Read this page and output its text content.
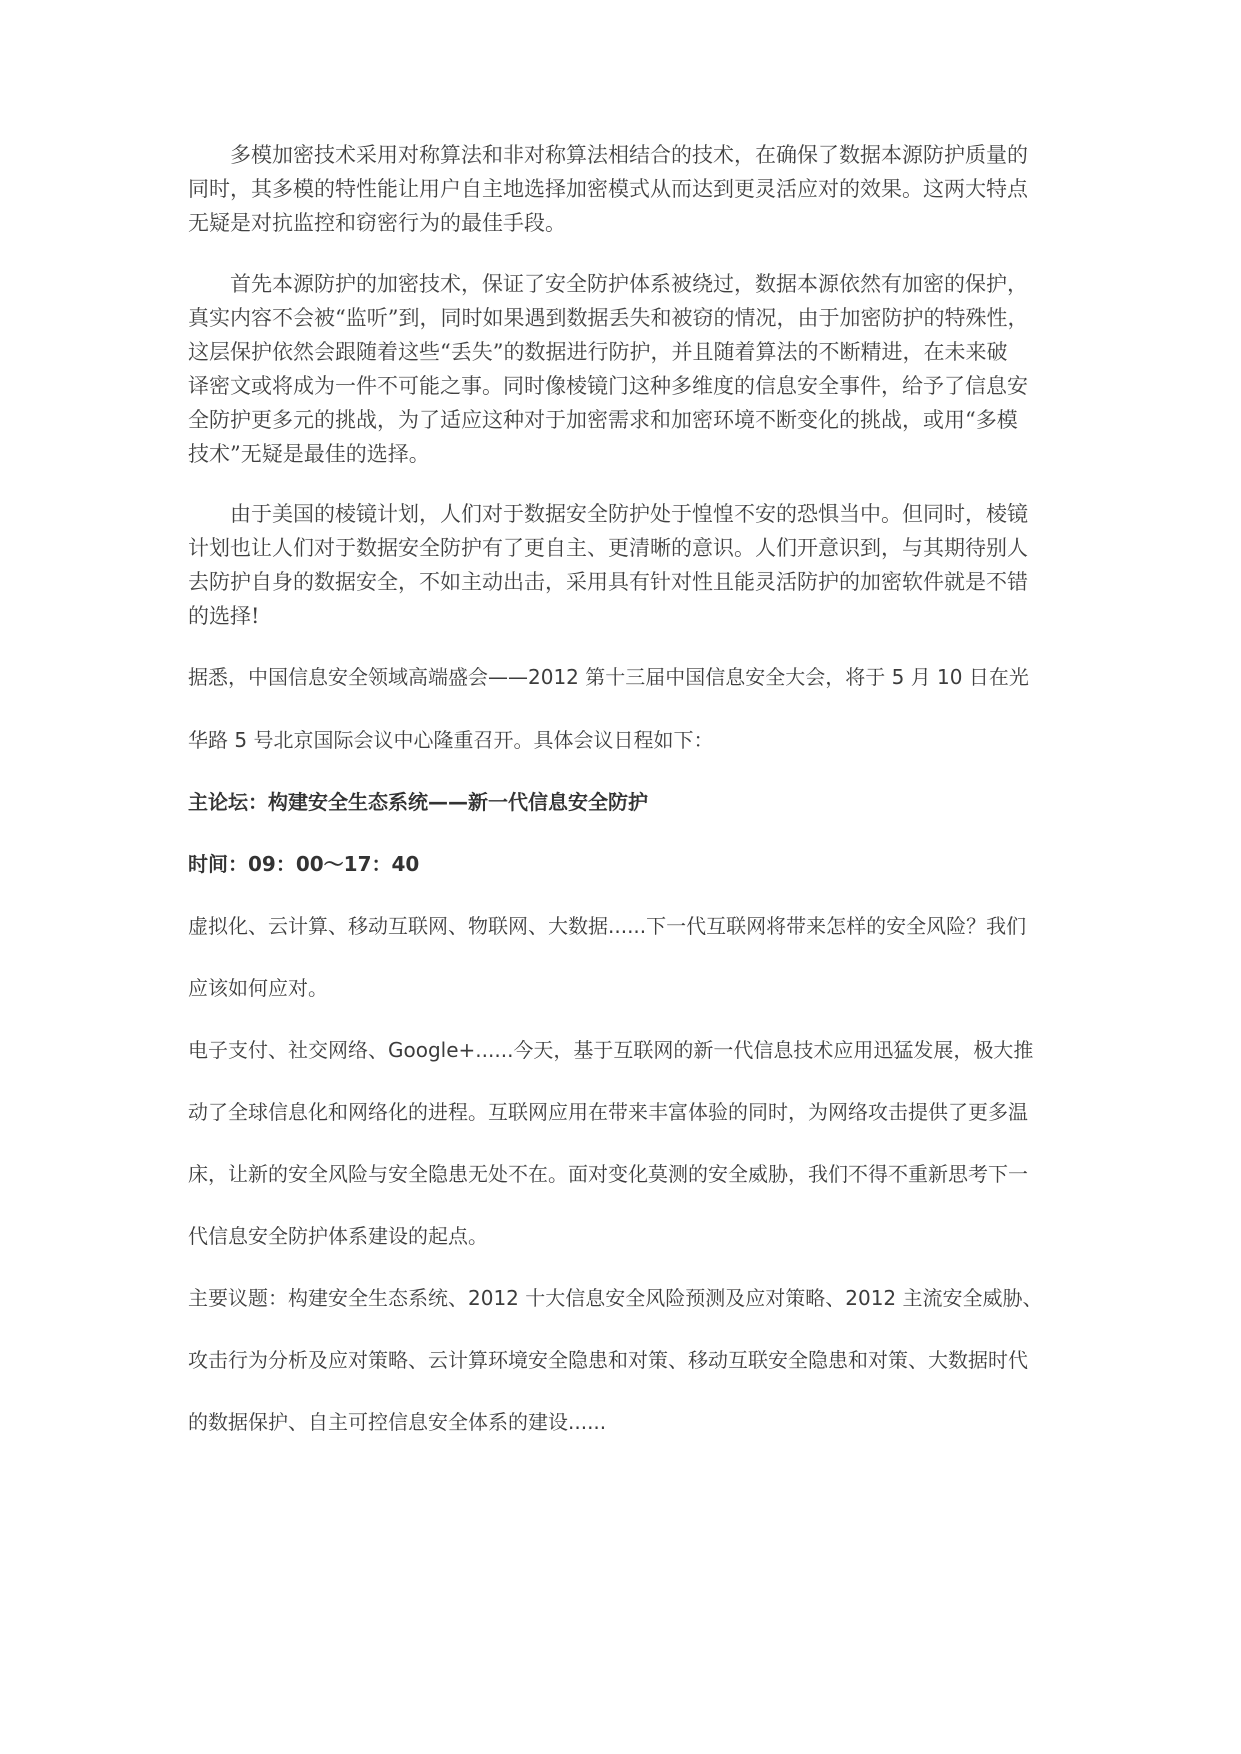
　　多模加密技术采用对称算法和非对称算法相结合的技术，在确保了数据本源防护质量的
同时，其多模的特性能让用户自主地选择加密模式从而达到更灵活应对的效果。这两大特点
无疑是对抗监控和窃密行为的最佳手段。
　　首先本源防护的加密技术，保证了安全防护体系被绕过，数据本源依然有加密的保护，
真实内容不会被“监听”到，同时如果遇到数据丢失和被窃的情况，由于加密防护的特殊性，
这层保护依然会跟随着这些“丢失”的数据进行防护，并且随着算法的不断精进，在未来破
译密文或将成为一件不可能之事。同时像棱镜门这种多维度的信息安全事件，给予了信息安
全防护更多元的挑战，为了适应这种对于加密需求和加密环境不断变化的挑战，或用“多模
技术”无疑是最佳的选择。
　　由于美国的棱镜计划，人们对于数据安全防护处于惶惶不安的恐惧当中。但同时，棱镜
计划也让人们对于数据安全防护有了更自主、更清晰的意识。人们开意识到，与其期待别人
去防护自身的数据安全，不如主动出击，采用具有针对性且能灵活防护的加密软件就是不错
的选择!
据悉，中国信息安全领域高端盛会——2012 第十三届中国信息安全大会，将于 5 月 10 日在光
华路 5 号北京国际会议中心隆重召开。具体会议日程如下：
主论坛：构建安全生态系统——新一代信息安全防护
时间：09：00～17：40
虚拟化、云计算、移动互联网、物联网、大数据......下一代互联网将带来怎样的安全风险？我们
应该如何应对。
电子支付、社交网络、Google+......今天，基于互联网的新一代信息技术应用迅猛发展，极大推
动了全球信息化和网络化的进程。互联网应用在带来丰富体验的同时，为网络攻击提供了更多温
床，让新的安全风险与安全隐患无处不在。面对变化莫测的安全威胁，我们不得不重新思考下一
代信息安全防护体系建设的起点。
主要议题：构建安全生态系统、2012 十大信息安全风险预测及应对策略、2012 主流安全威胁、
攻击行为分析及应对策略、云计算环境安全隐患和对策、移动互联安全隐患和对策、大数据时代
的数据保护、自主可控信息安全体系的建设......
